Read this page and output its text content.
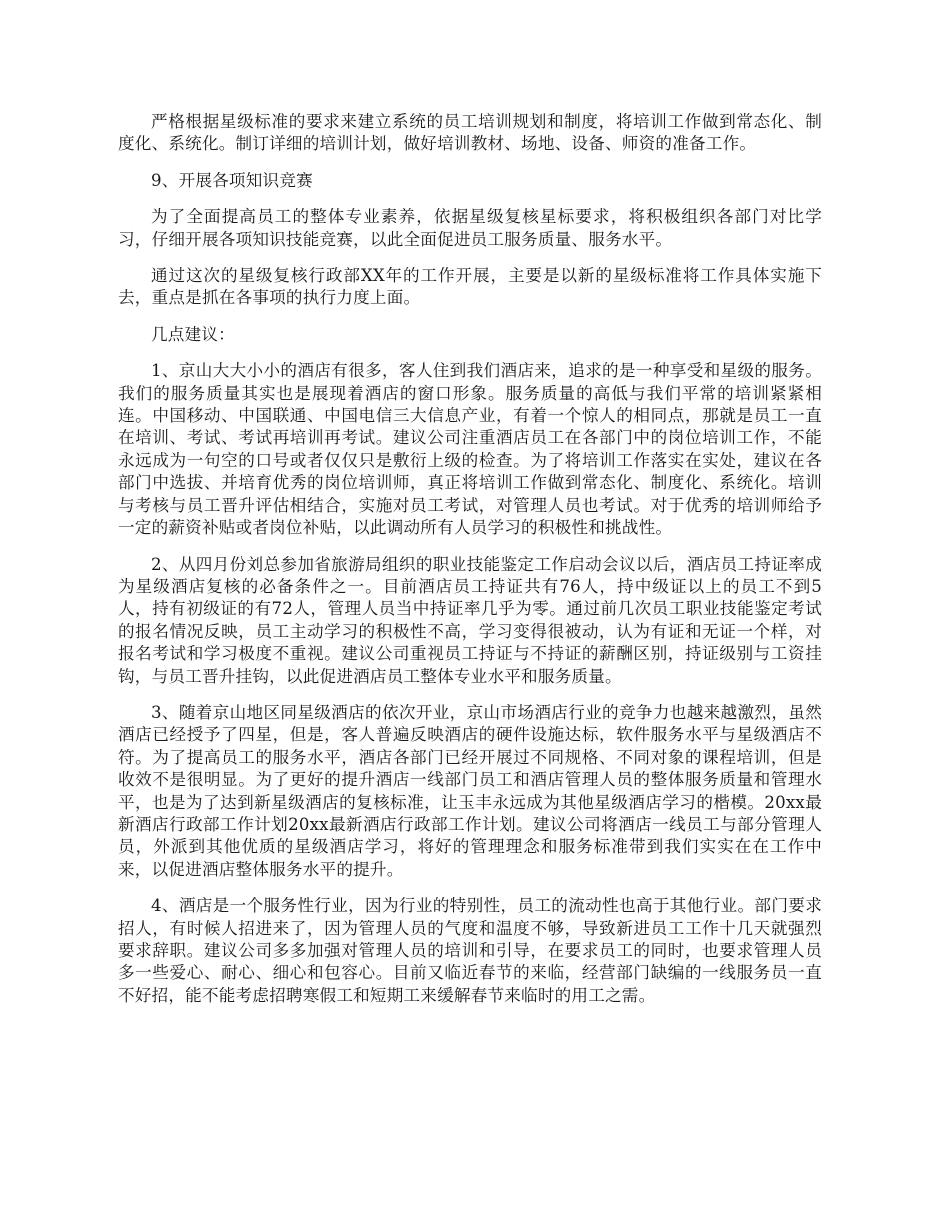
严格根据星级标准的要求来建立系统的员工培训规划和制度，将培训工作做到常态化、制度化、系统化。制订详细的培训计划，做好培训教材、场地、设备、师资的准备工作。

9、开展各项知识竞赛

为了全面提高员工的整体专业素养，依据星级复核星标要求，将积极组织各部门对比学习，仔细开展各项知识技能竞赛，以此全面促进员工服务质量、服务水平。

通过这次的星级复核行政部XX年的工作开展，主要是以新的星级标准将工作具体实施下去，重点是抓在各事项的执行力度上面。

几点建议：

1、京山大大小小的酒店有很多，客人住到我们酒店来，追求的是一种享受和星级的服务。我们的服务质量其实也是展现着酒店的窗口形象。服务质量的高低与我们平常的培训紧紧相连。中国移动、中国联通、中国电信三大信息产业，有着一个惊人的相同点，那就是员工一直在培训、考试、考试再培训再考试。建议公司注重酒店员工在各部门中的岗位培训工作，不能永远成为一句空的口号或者仅仅只是敷衍上级的检查。为了将培训工作落实在实处，建议在各部门中选拔、并培育优秀的岗位培训师，真正将培训工作做到常态化、制度化、系统化。培训与考核与员工晋升评估相结合，实施对员工考试，对管理人员也考试。对于优秀的培训师给予一定的薪资补贴或者岗位补贴，以此调动所有人员学习的积极性和挑战性。

2、从四月份刘总参加省旅游局组织的职业技能鉴定工作启动会议以后，酒店员工持证率成为星级酒店复核的必备条件之一。目前酒店员工持证共有76人，持中级证以上的员工不到5人，持有初级证的有72人，管理人员当中持证率几乎为零。通过前几次员工职业技能鉴定考试的报名情况反映，员工主动学习的积极性不高，学习变得很被动，认为有证和无证一个样，对报名考试和学习极度不重视。建议公司重视员工持证与不持证的薪酬区别，持证级别与工资挂钩，与员工晋升挂钩，以此促进酒店员工整体专业水平和服务质量。

3、随着京山地区同星级酒店的依次开业，京山市场酒店行业的竞争力也越来越激烈，虽然酒店已经授予了四星，但是，客人普遍反映酒店的硬件设施达标，软件服务水平与星级酒店不符。为了提高员工的服务水平，酒店各部门已经开展过不同规格、不同对象的课程培训，但是收效不是很明显。为了更好的提升酒店一线部门员工和酒店管理人员的整体服务质量和管理水平，也是为了达到新星级酒店的复核标准，让玉丰永远成为其他星级酒店学习的楷模。20xx最新酒店行政部工作计划20xx最新酒店行政部工作计划。建议公司将酒店一线员工与部分管理人员，外派到其他优质的星级酒店学习，将好的管理理念和服务标准带到我们实实在在工作中来，以促进酒店整体服务水平的提升。

4、酒店是一个服务性行业，因为行业的特别性，员工的流动性也高于其他行业。部门要求招人，有时候人招进来了，因为管理人员的气度和温度不够，导致新进员工工作十几天就强烈要求辞职。建议公司多多加强对管理人员的培训和引导，在要求员工的同时，也要求管理人员多一些爱心、耐心、细心和包容心。目前又临近春节的来临，经营部门缺编的一线服务员一直不好招，能不能考虑招聘寒假工和短期工来缓解春节来临时的用工之需。
